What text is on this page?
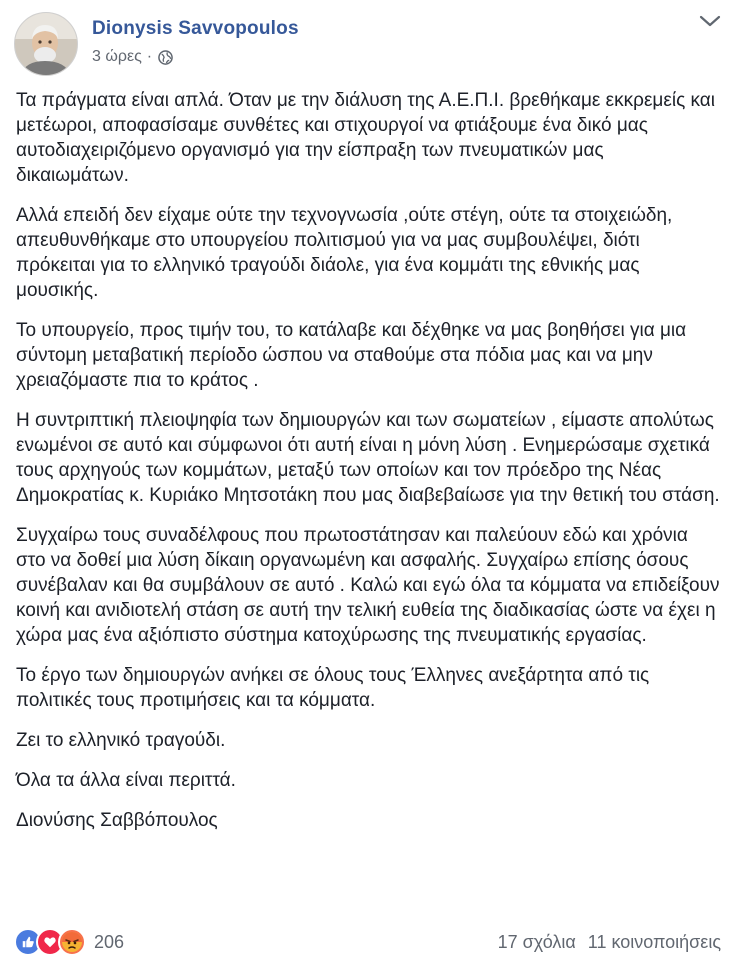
Dionysis Savvopoulos
3 ώρες ·

Τα πράγματα είναι απλά. Όταν με την διάλυση της Α.Ε.Π.Ι. βρεθήκαμε εκκρεμείς και μετέωροι, αποφασίσαμε συνθέτες και στιχουργοί να φτιάξουμε ένα δικό μας αυτοδιαχειριζόμενο οργανισμό για την είσπραξη των πνευματικών μας δικαιωμάτων.

Αλλά επειδή δεν είχαμε ούτε την τεχνογνωσία ,ούτε στέγη, ούτε τα στοιχειώδη, απευθυνθήκαμε στο υπουργείου πολιτισμού για να μας συμβουλέψει, διότι πρόκειται για το ελληνικό τραγούδι διάολε, για ένα κομμάτι της εθνικής μας μουσικής.

Το υπουργείο, προς τιμήν του, το κατάλαβε και δέχθηκε να μας βοηθήσει για μια σύντομη μεταβατική περίοδο ώσπου να σταθούμε στα πόδια μας και να μην χρειαζόμαστε πια το κράτος .

Η συντριπτική πλειοψηφία των δημιουργών και των σωματείων , είμαστε απολύτως ενωμένοι σε αυτό και σύμφωνοι ότι αυτή είναι η μόνη λύση . Ενημερώσαμε σχετικά τους αρχηγούς των κομμάτων, μεταξύ των οποίων και τον πρόεδρο της Νέας Δημοκρατίας κ. Κυριάκο Μητσοτάκη που μας διαβεβαίωσε για την θετική του στάση.

Συγχαίρω τους συναδέλφους που πρωτοστάτησαν και παλεύουν εδώ και χρόνια στο να δοθεί μια λύση δίκαιη οργανωμένη και ασφαλής. Συγχαίρω επίσης όσους συνέβαλαν και θα συμβάλουν σε αυτό . Καλώ και εγώ όλα τα κόμματα να επιδείξουν κοινή και ανιδιοτελή στάση σε αυτή την τελική ευθεία της διαδικασίας ώστε να έχει η χώρα μας ένα αξιόπιστο σύστημα κατοχύρωσης της πνευματικής εργασίας.

Το έργο των δημιουργών ανήκει σε όλους τους Έλληνες ανεξάρτητα από τις πολιτικές τους προτιμήσεις και τα κόμματα.

Ζει το ελληνικό τραγούδι.

Όλα τα άλλα είναι περιττά.

Διονύσης Σαββόπουλος

206	17 σχόλια 11 κοινοποιήσεις
